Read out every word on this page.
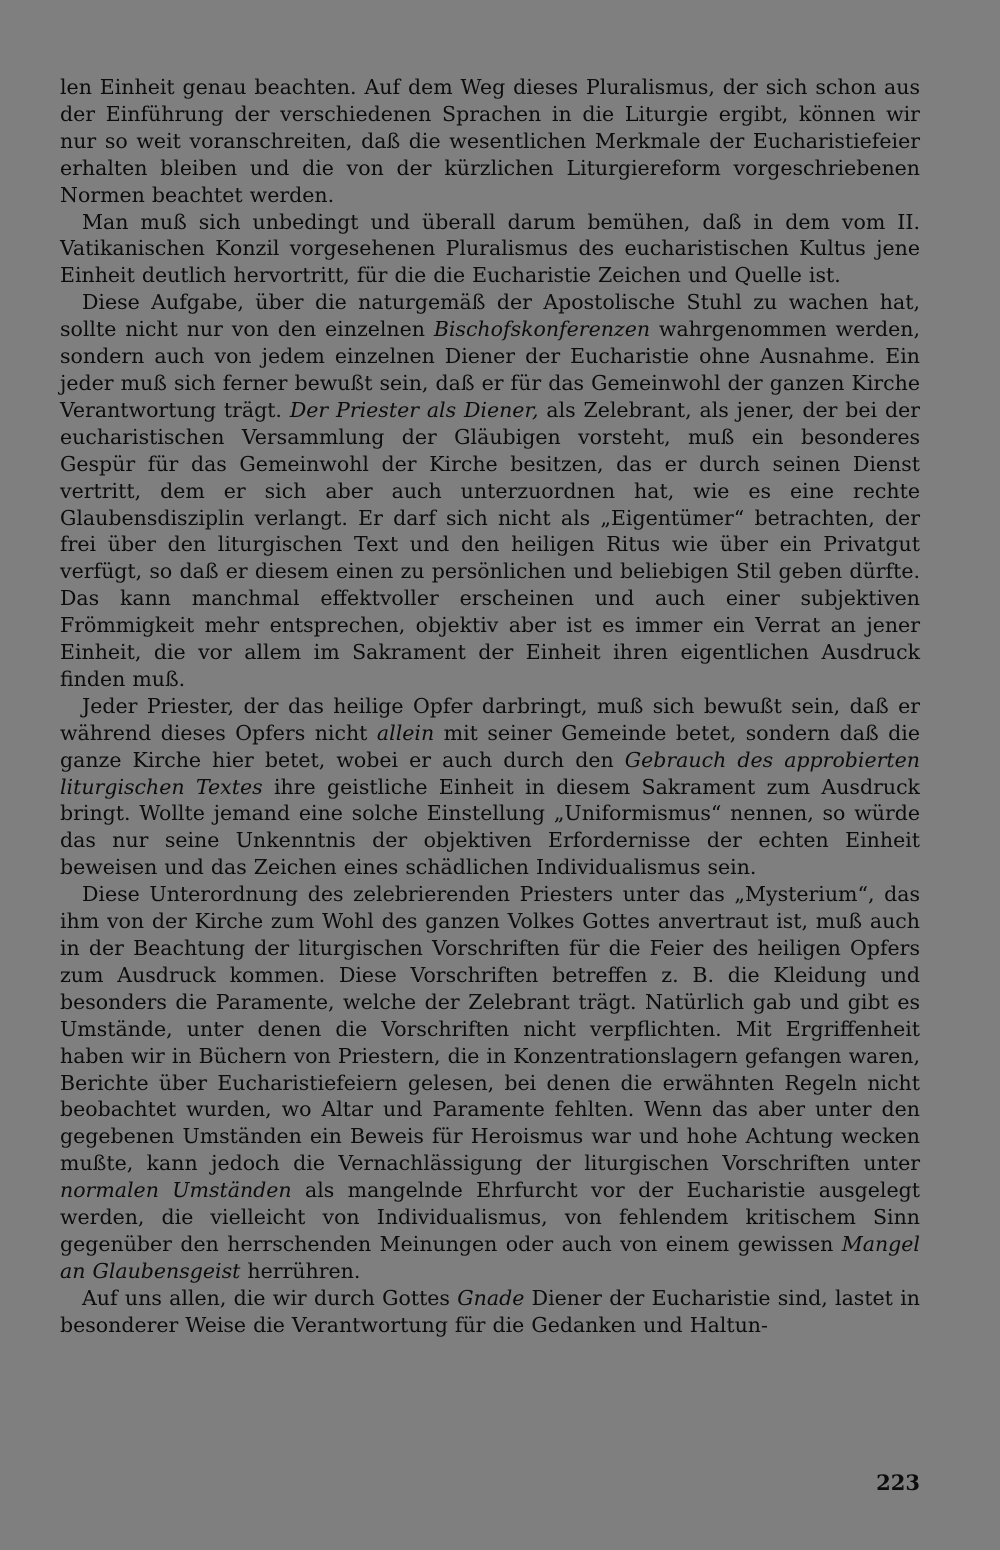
len Einheit genau beachten. Auf dem Weg dieses Pluralismus, der sich schon aus der Einführung der verschiedenen Sprachen in die Liturgie ergibt, können wir nur so weit voranschreiten, daß die wesentlichen Merkmale der Eucharistiefeier erhalten bleiben und die von der kürzlichen Liturgiereform vorgeschriebenen Normen beachtet werden.

Man muß sich unbedingt und überall darum bemühen, daß in dem vom II. Vatikanischen Konzil vorgesehenen Pluralismus des eucharistischen Kultus jene Einheit deutlich hervortritt, für die die Eucharistie Zeichen und Quelle ist.

Diese Aufgabe, über die naturgemäß der Apostolische Stuhl zu wachen hat, sollte nicht nur von den einzelnen Bischofskonferenzen wahrgenommen werden, sondern auch von jedem einzelnen Diener der Eucharistie ohne Ausnahme. Ein jeder muß sich ferner bewußt sein, daß er für das Gemeinwohl der ganzen Kirche Verantwortung trägt. Der Priester als Diener, als Zelebrant, als jener, der bei der eucharistischen Versammlung der Gläubigen vorsteht, muß ein besonderes Gespür für das Gemeinwohl der Kirche besitzen, das er durch seinen Dienst vertritt, dem er sich aber auch unterzuordnen hat, wie es eine rechte Glaubensdisziplin verlangt. Er darf sich nicht als „Eigentümer“ betrachten, der frei über den liturgischen Text und den heiligen Ritus wie über ein Privatgut verfügt, so daß er diesem einen zu persönlichen und beliebigen Stil geben dürfte. Das kann manchmal effektvoller erscheinen und auch einer subjektiven Frömmigkeit mehr entsprechen, objektiv aber ist es immer ein Verrat an jener Einheit, die vor allem im Sakrament der Einheit ihren eigentlichen Ausdruck finden muß.

Jeder Priester, der das heilige Opfer darbringt, muß sich bewußt sein, daß er während dieses Opfers nicht allein mit seiner Gemeinde betet, sondern daß die ganze Kirche hier betet, wobei er auch durch den Gebrauch des approbierten liturgischen Textes ihre geistliche Einheit in diesem Sakrament zum Ausdruck bringt. Wollte jemand eine solche Einstellung „Uniformismus“ nennen, so würde das nur seine Unkenntnis der objektiven Erfordernisse der echten Einheit beweisen und das Zeichen eines schädlichen Individualismus sein.

Diese Unterordnung des zelebrierenden Priesters unter das „Mysterium“, das ihm von der Kirche zum Wohl des ganzen Volkes Gottes anvertraut ist, muß auch in der Beachtung der liturgischen Vorschriften für die Feier des heiligen Opfers zum Ausdruck kommen. Diese Vorschriften betreffen z. B. die Kleidung und besonders die Paramente, welche der Zelebrant trägt. Natürlich gab und gibt es Umstände, unter denen die Vorschriften nicht verpflichten. Mit Ergriffenheit haben wir in Büchern von Priestern, die in Konzentrationslagern gefangen waren, Berichte über Eucharistiefeiern gelesen, bei denen die erwähnten Regeln nicht beobachtet wurden, wo Altar und Paramente fehlten. Wenn das aber unter den gegebenen Umständen ein Beweis für Heroismus war und hohe Achtung wecken mußte, kann jedoch die Vernachlässigung der liturgischen Vorschriften unter normalen Umständen als mangelnde Ehrfurcht vor der Eucharistie ausgelegt werden, die vielleicht von Individualismus, von fehlendem kritischem Sinn gegenüber den herrschenden Meinungen oder auch von einem gewissen Mangel an Glaubensgeist herrühren.

Auf uns allen, die wir durch Gottes Gnade Diener der Eucharistie sind, lastet in besonderer Weise die Verantwortung für die Gedanken und Haltun-

223
